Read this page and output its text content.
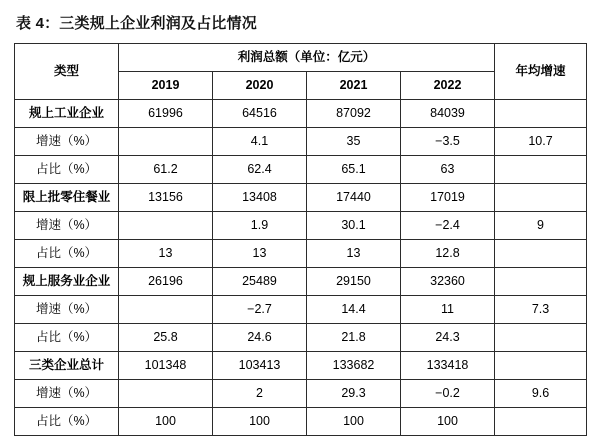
表 4：三类规上企业利润及占比情况
类型	利润总额（单位：亿元）				年均增速
	2019	2020	2021	2022	
规上工业企业	61996	64516	87092	84039	
增速（%）		4.1	35	−3.5	10.7
占比（%）	61.2	62.4	65.1	63	
限上批零住餐业	13156	13408	17440	17019	
增速（%）		1.9	30.1	−2.4	9
占比（%）	13	13	13	12.8	
规上服务业企业	26196	25489	29150	32360	
增速（%）		−2.7	14.4	11	7.3
占比（%）	25.8	24.6	21.8	24.3	
三类企业总计	101348	103413	133682	133418	
增速（%）		2	29.3	−0.2	9.6
占比（%）	100	100	100	100	
